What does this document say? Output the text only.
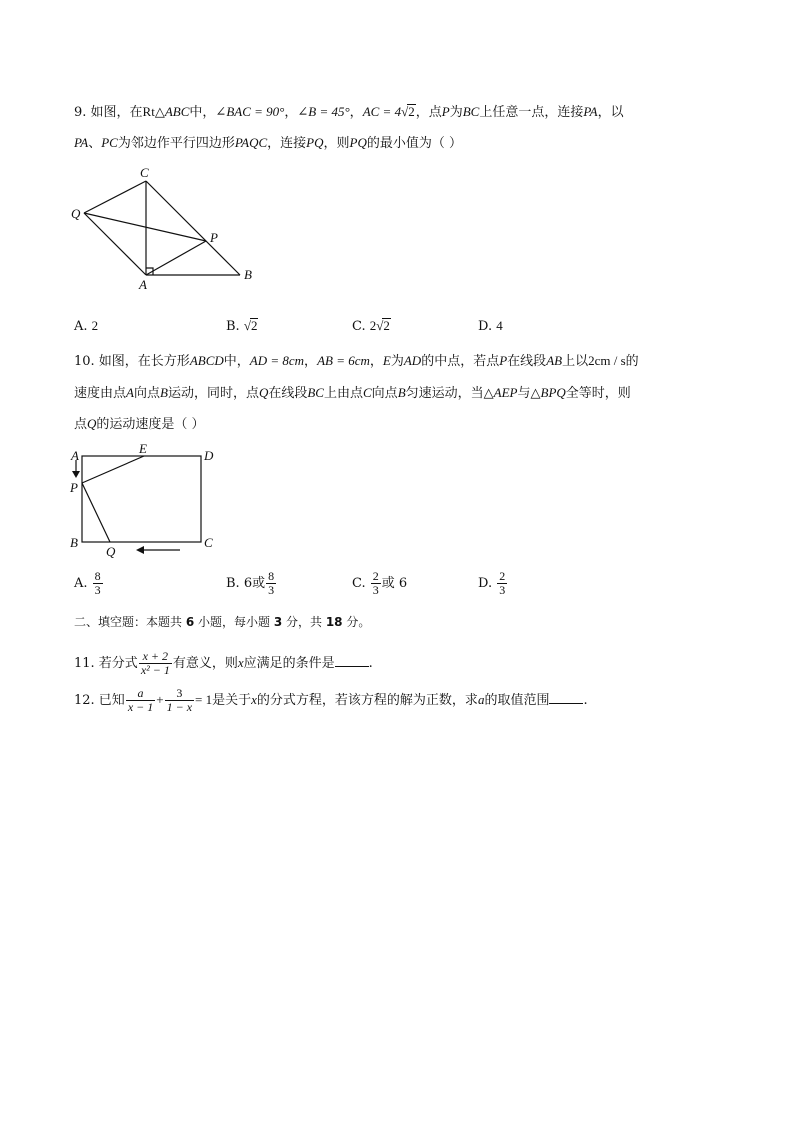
9. 如图，在Rt△ABC中，∠BAC = 90°，∠B = 45°，AC = 4√2，点P为BC上任意一点，连接PA，以
PA、PC为邻边作平行四边形PAQC，连接PQ，则PQ的最小值为（ ）
C
Q
P
A
B
A. 2	B. √2	C. 2√2	D. 4
10. 如图，在长方形ABCD中，AD = 8cm，AB = 6cm，E为AD的中点，若点P在线段AB上以2cm / s的
速度由点A向点B运动，同时，点Q在线段BC上由点C向点B匀速运动，当△AEP与△BPQ全等时，则
点Q的运动速度是（ ）
A	E	D
P
B
Q
C
A. $\frac{8}{3}$	B. 6或 $\frac{8}{3}$	C. $\frac{2}{3}$ 或 6	D. $\frac{2}{3}$
二、填空题：本题共 6 小题，每小题 3 分，共 18 分。
11. 若分式 $\frac{x + 2}{\text{x² − 1}}$ 有意义，则x应满足的条件是	.
12. 已知 $\frac{a}{x - 1} + \frac{3}{1 - x} = 1$是关于x的分式方程，若该方程的解为正数，求a的取值范围	.
